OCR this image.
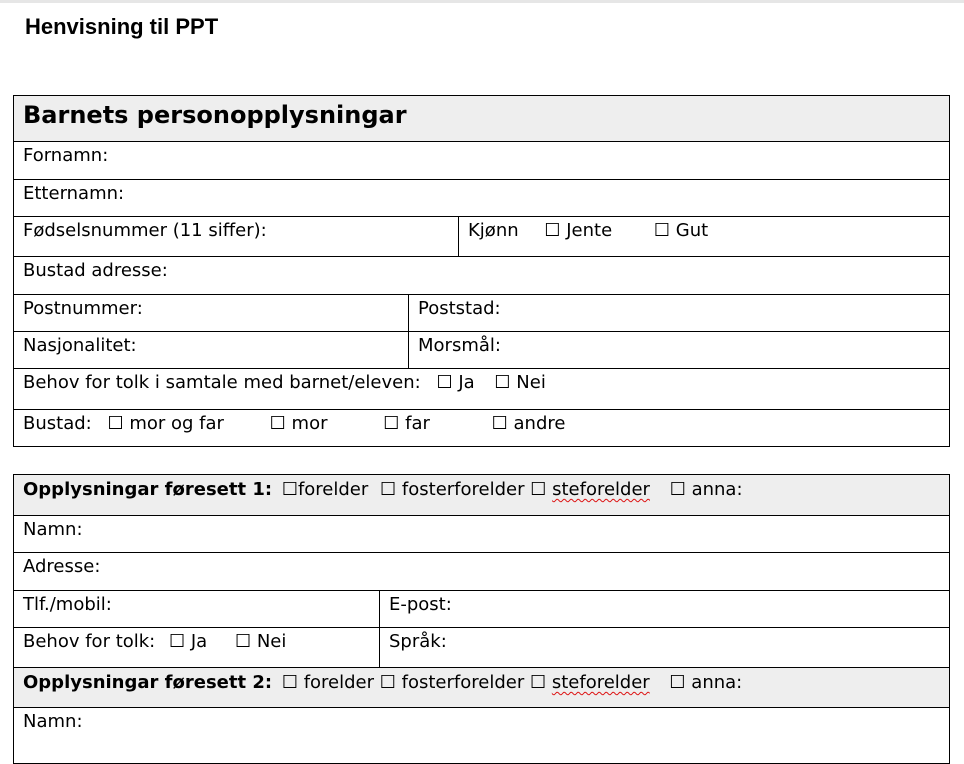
Henvisning til PPT
Barnets personopplysningar
Fornamn:
Etternamn:
Fødselsnummer (11 siffer):	Kjønn ☐ Jente ☐ Gut
Bustad adresse:
Postnummer:	Poststad:
Nasjonalitet:	Morsmål:
Behov for tolk i samtale med barnet/eleven: ☐ Ja ☐ Nei
Bustad: ☐ mor og far	☐ mor	☐ far	☐ andre
Opplysningar føresett 1: ☐forelder ☐ fosterforelder ☐ steforelder ☐ anna:
Namn:
Adresse:
Tlf./mobil:	E-post:
Behov for tolk: ☐ Ja ☐ Nei	Språk:
Opplysningar føresett 2: ☐ forelder ☐ fosterforelder ☐ steforelder ☐ anna:
Namn:
